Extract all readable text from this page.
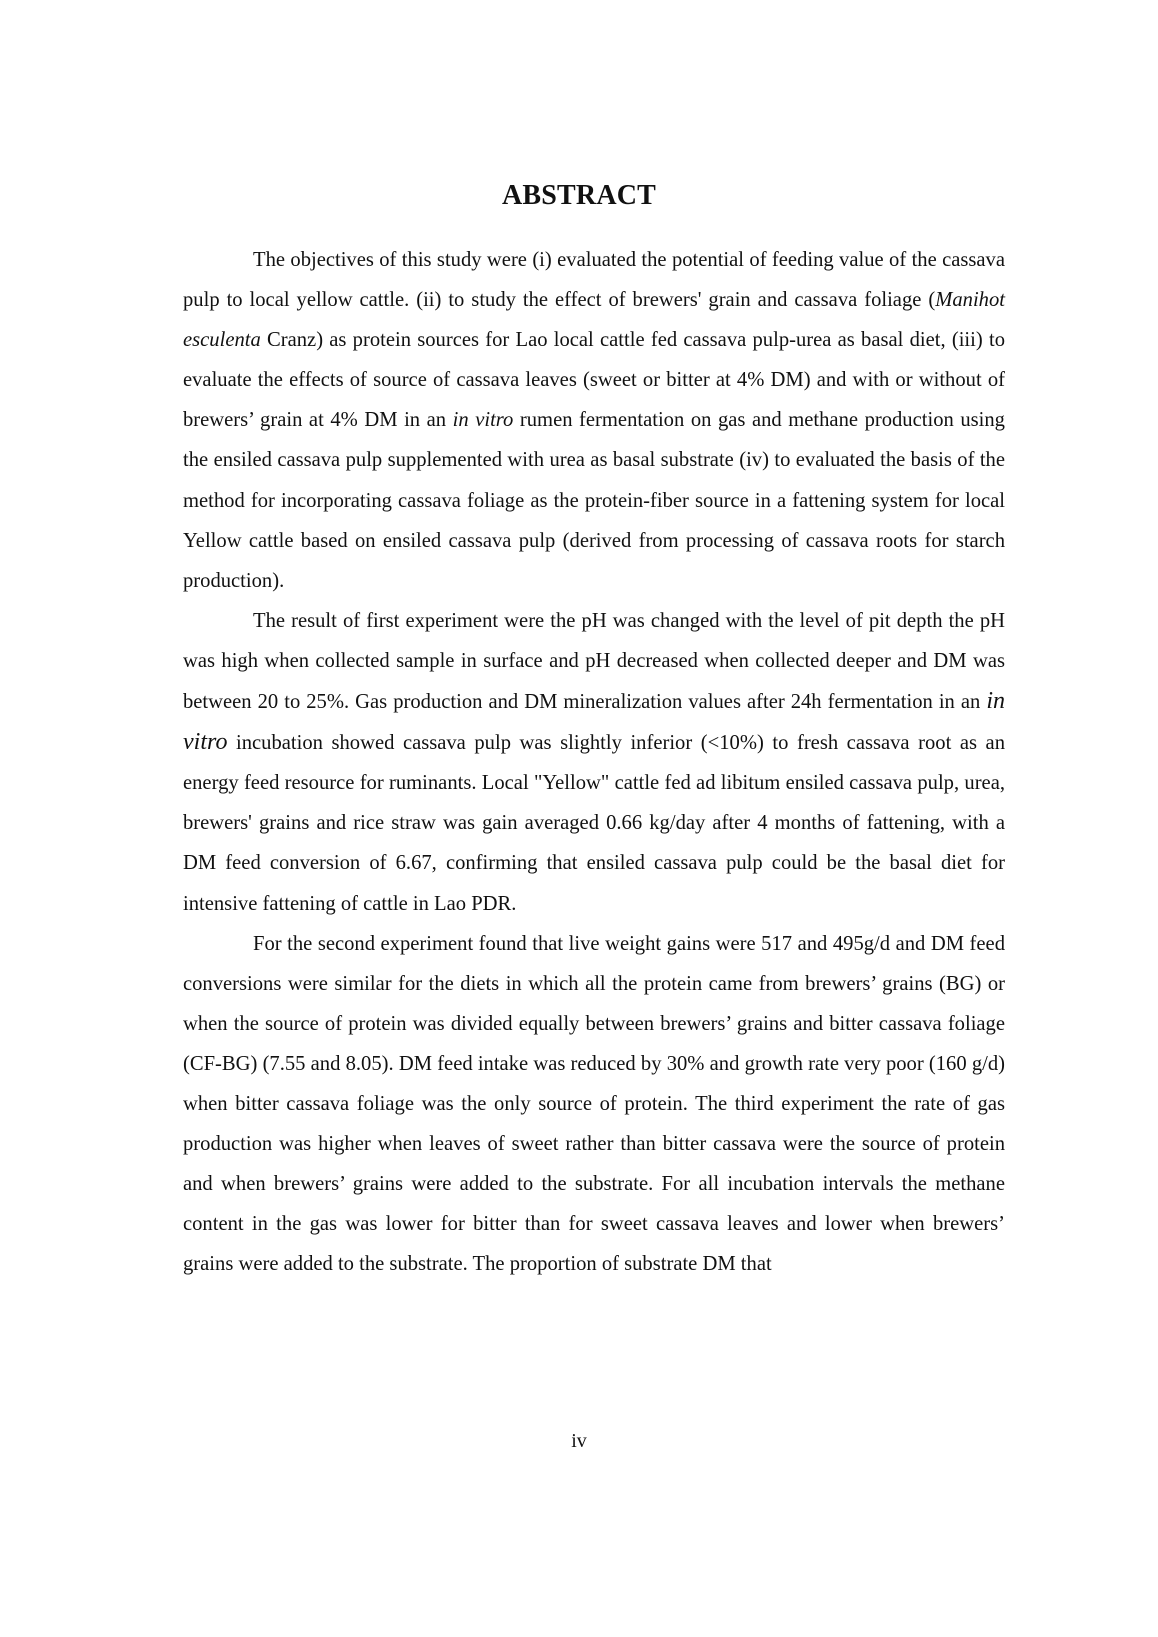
ABSTRACT

The objectives of this study were (i) evaluated the potential of feeding value of the cassava pulp to local yellow cattle. (ii) to study the effect of brewers' grain and cassava foliage (Manihot esculenta Cranz) as protein sources for Lao local cattle fed cassava pulp-urea as basal diet, (iii) to evaluate the effects of source of cassava leaves (sweet or bitter at 4% DM) and with or without of brewers’ grain at 4% DM in an in vitro rumen fermentation on gas and methane production using the ensiled cassava pulp supplemented with urea as basal substrate (iv) to evaluated the basis of the method for incorporating cassava foliage as the protein-fiber source in a fattening system for local Yellow cattle based on ensiled cassava pulp (derived from processing of cassava roots for starch production).

The result of first experiment were the pH was changed with the level of pit depth the pH was high when collected sample in surface and pH decreased when collected deeper and DM was between 20 to 25%. Gas production and DM mineralization values after 24h fermentation in an in vitro incubation showed cassava pulp was slightly inferior (<10%) to fresh cassava root as an energy feed resource for ruminants. Local "Yellow" cattle fed ad libitum ensiled cassava pulp, urea, brewers' grains and rice straw was gain averaged 0.66 kg/day after 4 months of fattening, with a DM feed conversion of 6.67, confirming that ensiled cassava pulp could be the basal diet for intensive fattening of cattle in Lao PDR.

For the second experiment found that live weight gains were 517 and 495g/d and DM feed conversions were similar for the diets in which all the protein came from brewers’ grains (BG) or when the source of protein was divided equally between brewers’ grains and bitter cassava foliage (CF-BG) (7.55 and 8.05). DM feed intake was reduced by 30% and growth rate very poor (160 g/d) when bitter cassava foliage was the only source of protein. The third experiment the rate of gas production was higher when leaves of sweet rather than bitter cassava were the source of protein and when brewers’ grains were added to the substrate. For all incubation intervals the methane content in the gas was lower for bitter than for sweet cassava leaves and lower when brewers’ grains were added to the substrate. The proportion of substrate DM that

iv
